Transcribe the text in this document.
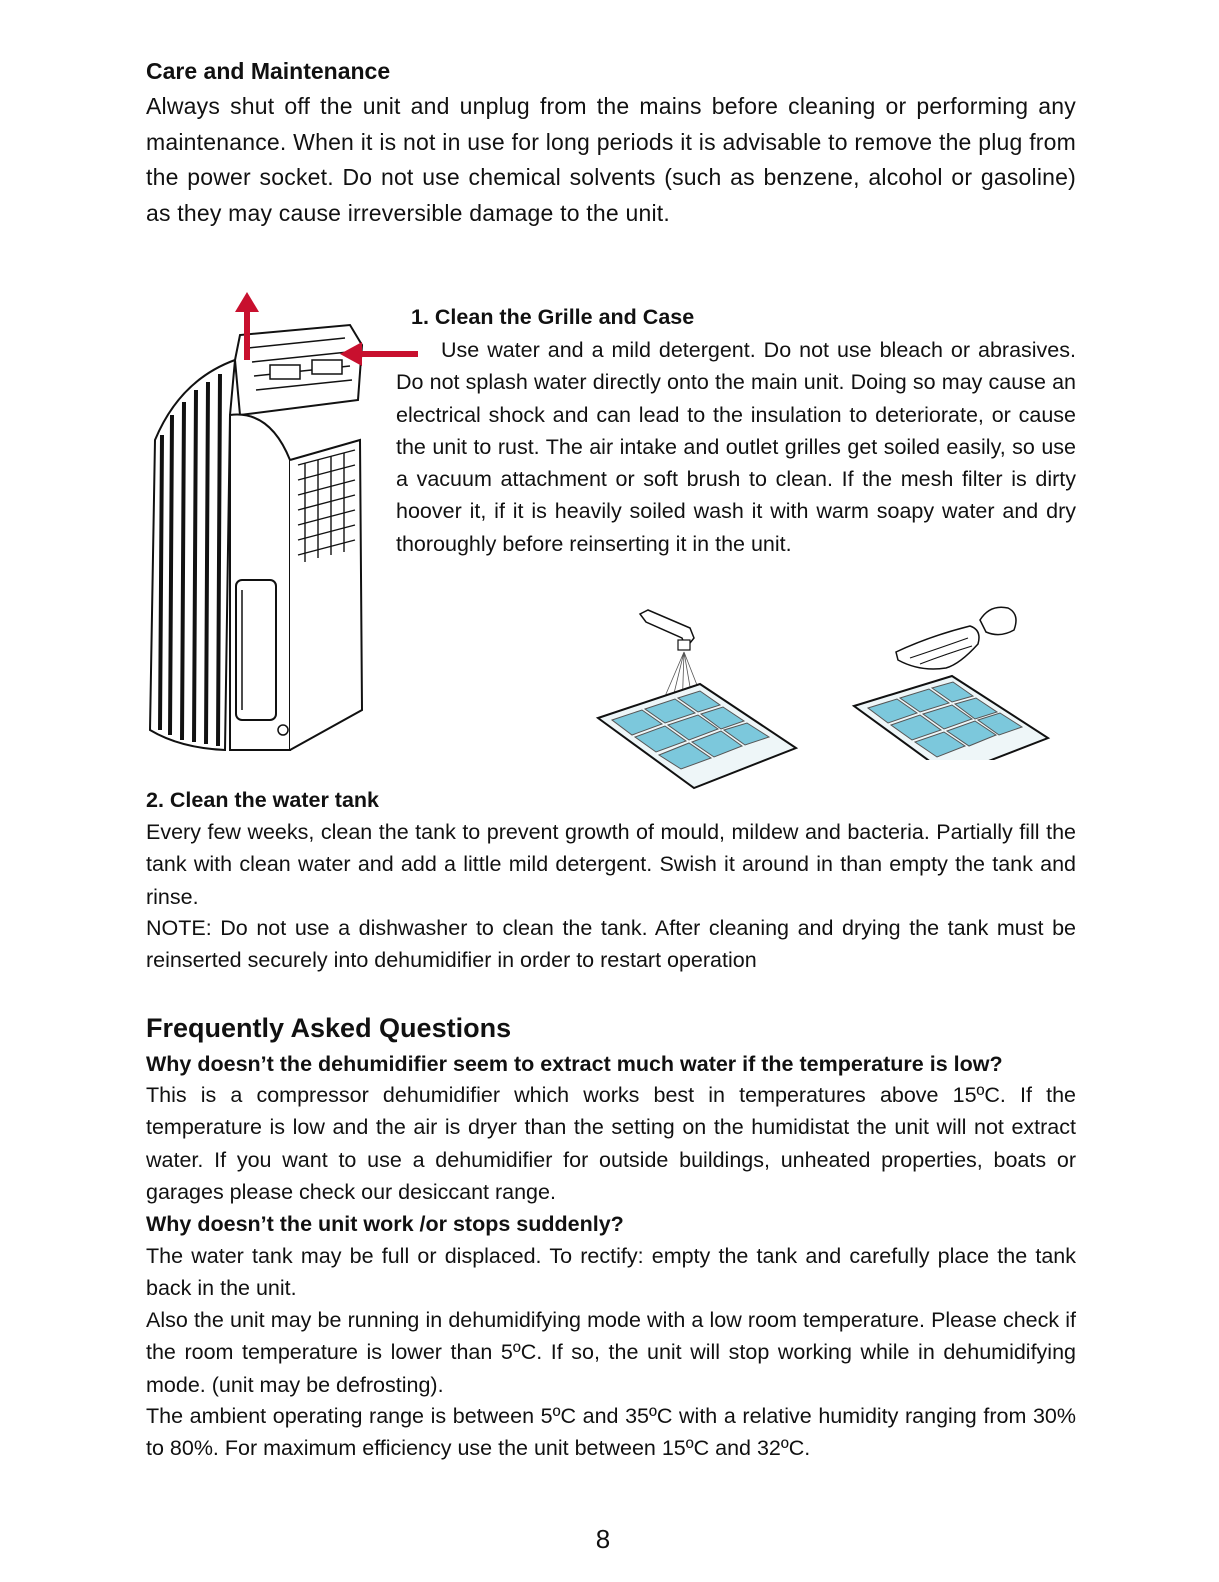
Care and Maintenance
Always shut off the unit and unplug from the mains before cleaning or performing any maintenance. When it is not in use for long periods it is advisable to remove the plug from the power socket. Do not use chemical solvents (such as benzene, alcohol or gasoline) as they may cause irreversible damage to the unit.
1. Clean the Grille and Case
Use water and a mild detergent. Do not use bleach or abrasives. Do not splash water directly onto the main unit. Doing so may cause an electrical shock and can lead to the insulation to deteriorate, or cause the unit to rust. The air intake and outlet grilles get soiled easily, so use a vacuum attachment or soft brush to clean. If the mesh filter is dirty hoover it, if it is heavily soiled wash it with warm soapy water and dry thoroughly before reinserting it in the unit.
2. Clean the water tank
Every few weeks, clean the tank to prevent growth of mould, mildew and bacteria. Partially fill the tank with clean water and add a little mild detergent. Swish it around in than empty the tank and rinse.
NOTE: Do not use a dishwasher to clean the tank. After cleaning and drying the tank must be reinserted securely into dehumidifier in order to restart operation
Frequently Asked Questions
Why doesn’t the dehumidifier seem to extract much water if the temperature is low?
This is a compressor dehumidifier which works best in temperatures above 15ºC. If the temperature is low and the air is dryer than the setting on the humidistat the unit will not extract water. If you want to use a dehumidifier for outside buildings, unheated properties, boats or garages please check our desiccant range.
Why doesn’t the unit work /or stops suddenly?
The water tank may be full or displaced. To rectify: empty the tank and carefully place the tank back in the unit.
Also the unit may be running in dehumidifying mode with a low room temperature. Please check if the room temperature is lower than 5ºC. If so, the unit will stop working while in dehumidifying mode. (unit may be defrosting).
The ambient operating range is between 5ºC and 35ºC with a relative humidity ranging from 30% to 80%. For maximum efficiency use the unit between 15ºC and 32ºC.
8
